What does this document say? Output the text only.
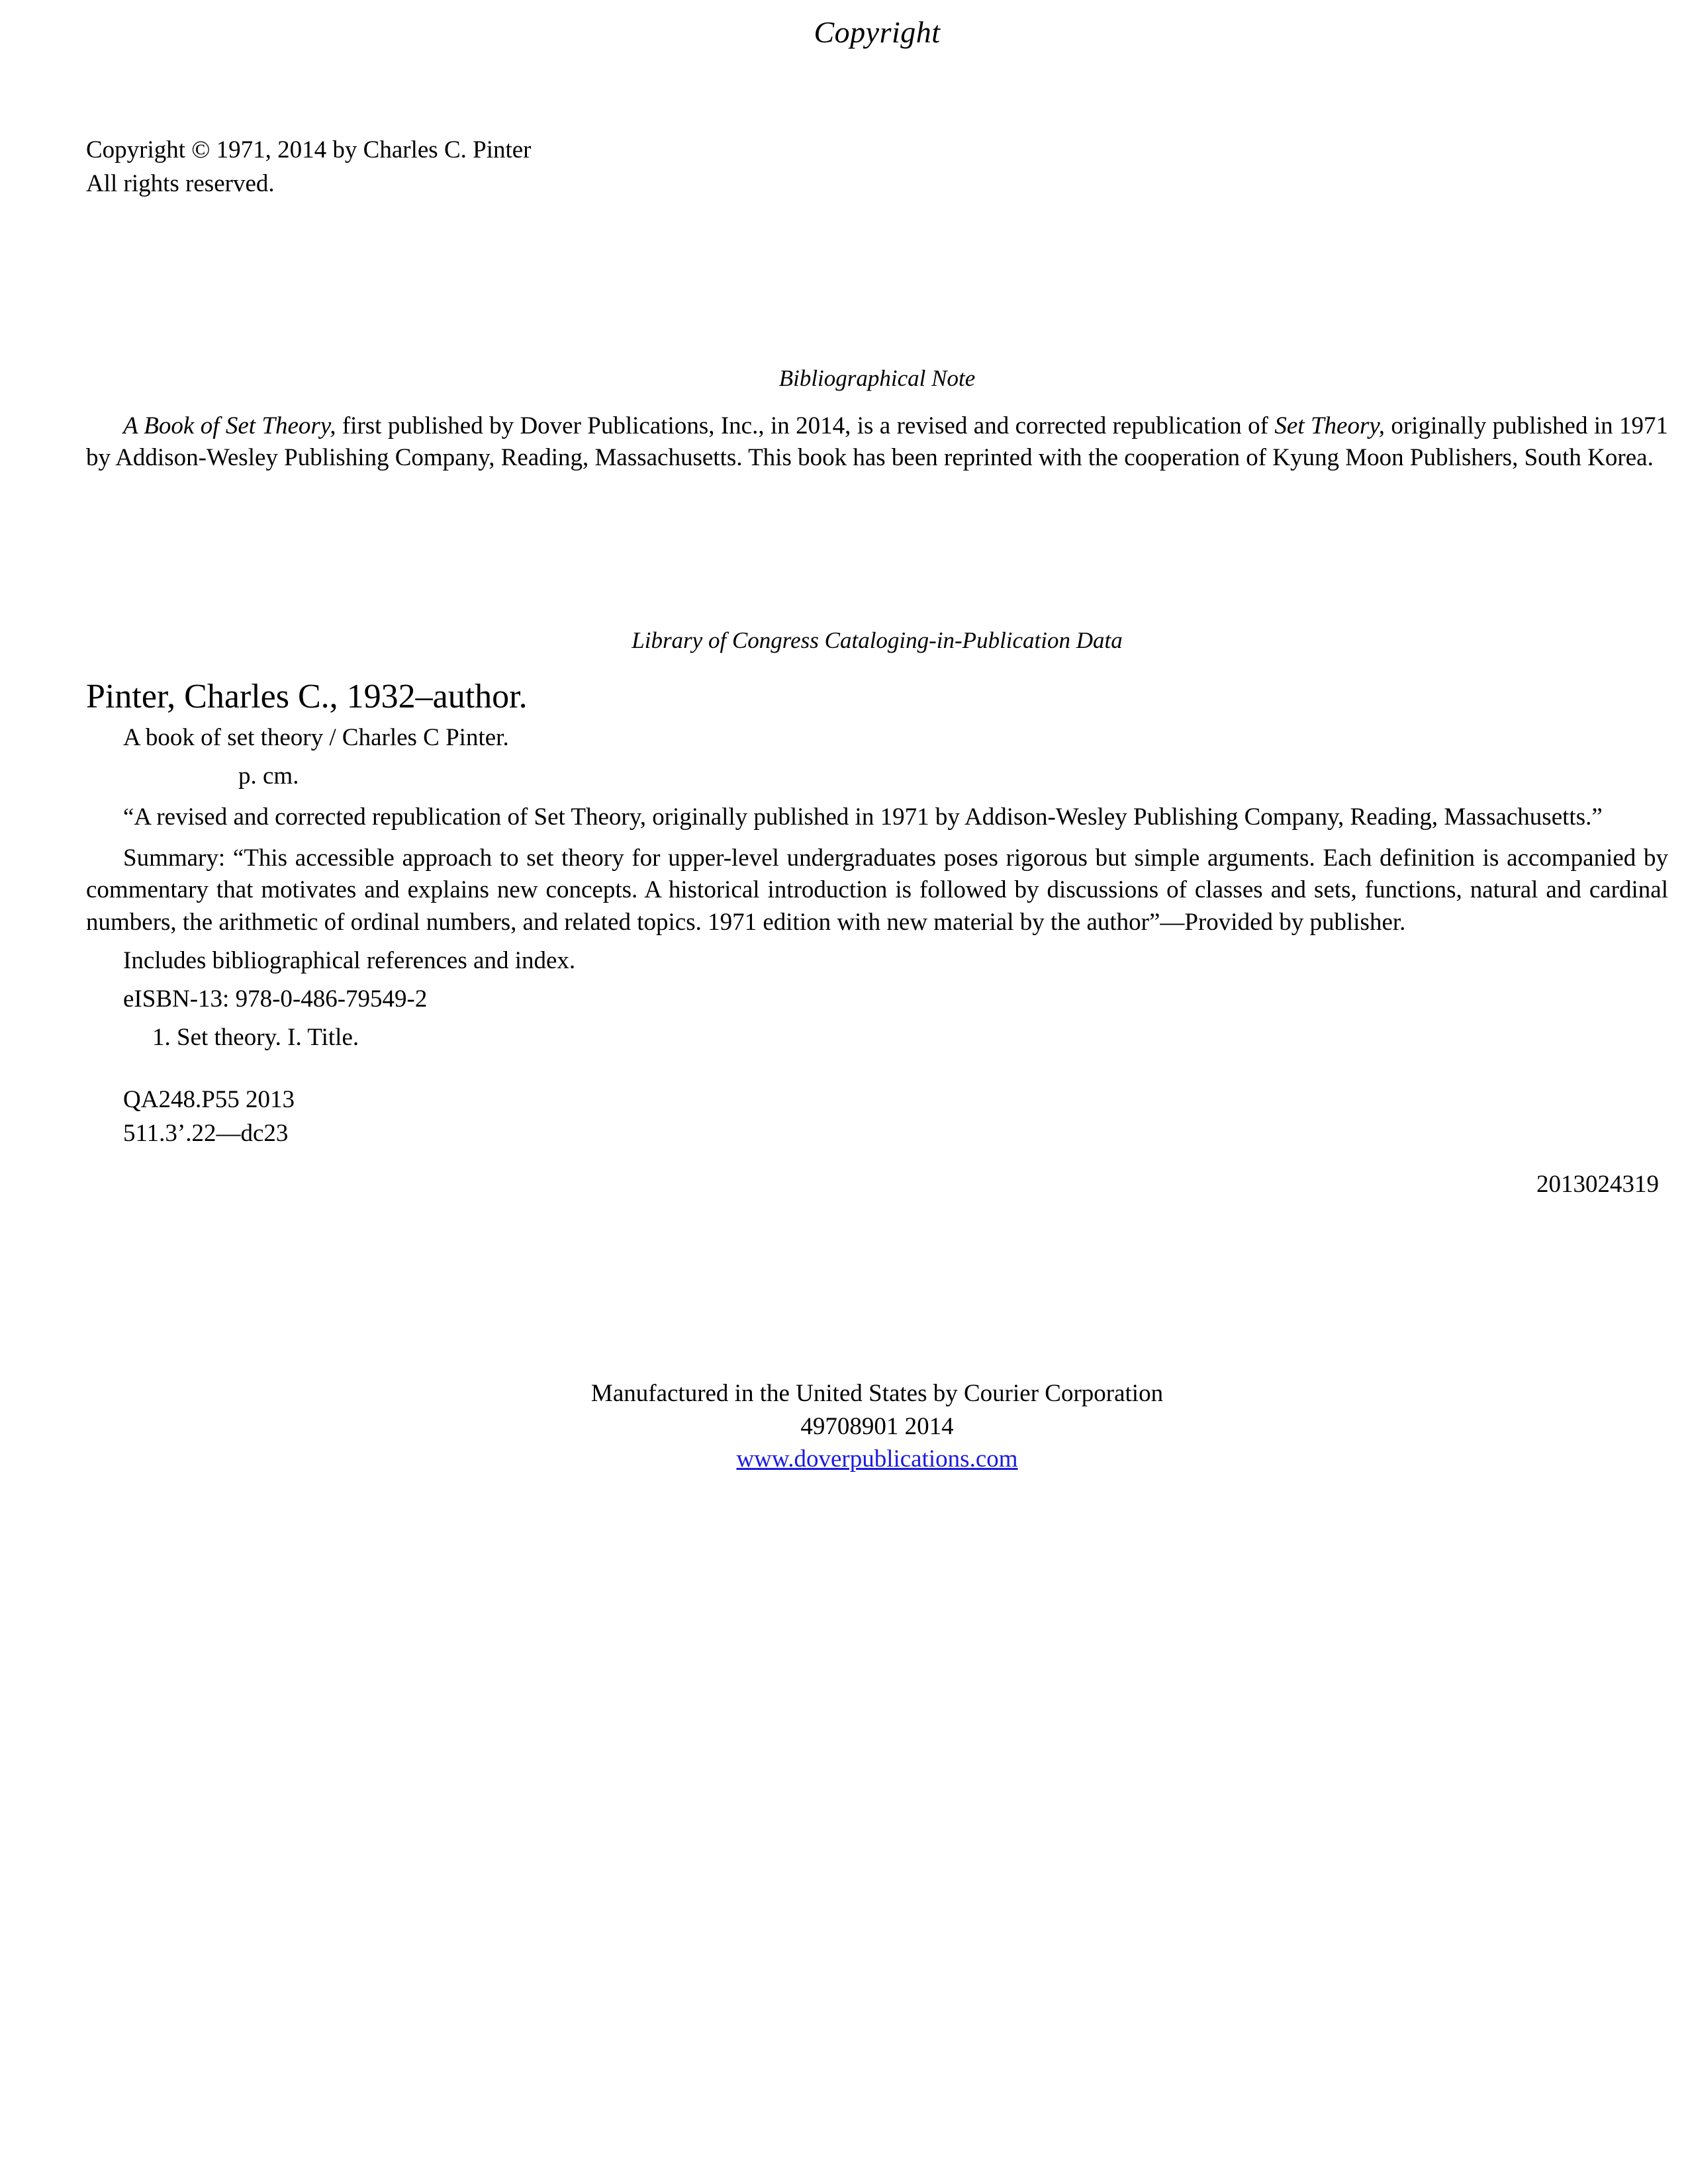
Copyright
Copyright © 1971, 2014 by Charles C. Pinter
All rights reserved.
Bibliographical Note
A Book of Set Theory, first published by Dover Publications, Inc., in 2014, is a revised and corrected republication of Set Theory, originally published in 1971 by Addison-Wesley Publishing Company, Reading, Massachusetts. This book has been reprinted with the cooperation of Kyung Moon Publishers, South Korea.
Library of Congress Cataloging-in-Publication Data
Pinter, Charles C., 1932–author.
A book of set theory / Charles C Pinter.
p. cm.
“A revised and corrected republication of Set Theory, originally published in 1971 by Addison-Wesley Publishing Company, Reading, Massachusetts.”
Summary: “This accessible approach to set theory for upper-level undergraduates poses rigorous but simple arguments. Each definition is accompanied by commentary that motivates and explains new concepts. A historical introduction is followed by discussions of classes and sets, functions, natural and cardinal numbers, the arithmetic of ordinal numbers, and related topics. 1971 edition with new material by the author”—Provided by publisher.
Includes bibliographical references and index.
eISBN-13: 978-0-486-79549-2
1. Set theory. I. Title.
QA248.P55 2013
511.3’.22—dc23
2013024319
Manufactured in the United States by Courier Corporation
49708901 2014
www.doverpublications.com
